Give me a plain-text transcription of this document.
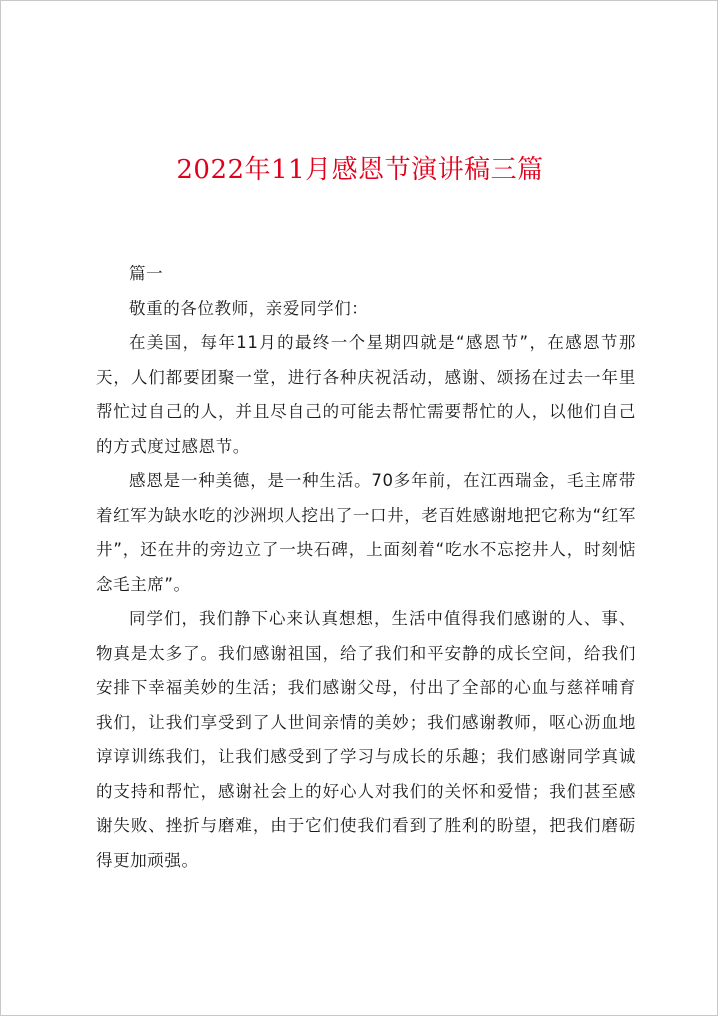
2022年11月感恩节演讲稿三篇

篇一

敬重的各位教师，亲爱同学们：

在美国，每年11月的最终一个星期四就是“感恩节”，在感恩节那天，人们都要团聚一堂，进行各种庆祝活动，感谢、颂扬在过去一年里帮忙过自己的人，并且尽自己的可能去帮忙需要帮忙的人，以他们自己的方式度过感恩节。

感恩是一种美德，是一种生活。70多年前，在江西瑞金，毛主席带着红军为缺水吃的沙洲坝人挖出了一口井，老百姓感谢地把它称为“红军井”，还在井的旁边立了一块石碑，上面刻着“吃水不忘挖井人，时刻惦念毛主席”。

同学们，我们静下心来认真想想，生活中值得我们感谢的人、事、物真是太多了。我们感谢祖国，给了我们和平安静的成长空间，给我们安排下幸福美妙的生活；我们感谢父母，付出了全部的心血与慈祥哺育我们，让我们享受到了人世间亲情的美妙；我们感谢教师，呕心沥血地谆谆训练我们，让我们感受到了学习与成长的乐趣；我们感谢同学真诚的支持和帮忙，感谢社会上的好心人对我们的关怀和爱惜；我们甚至感谢失败、挫折与磨难，由于它们使我们看到了胜利的盼望，把我们磨砺得更加顽强。
